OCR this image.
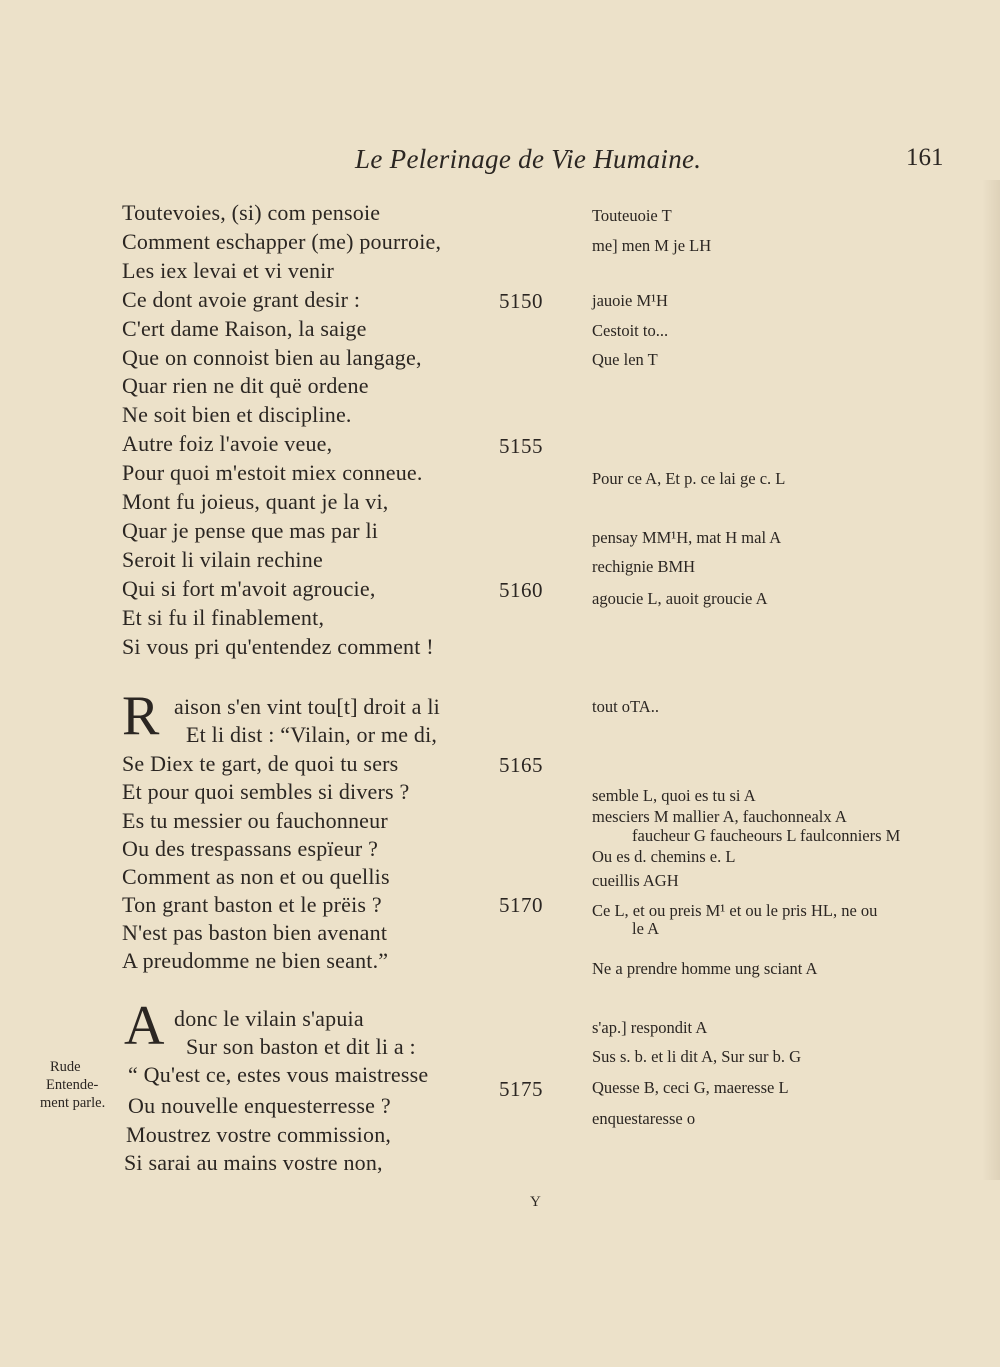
Le Pelerinage de Vie Humaine.	161
Toutevoies, (si) com pensoie
Comment eschapper (me) pourroie,
Les iex levai et vi venir
Ce dont avoie grant desir :
C'ert dame Raison, la saige
Que on connoist bien au langage,
Quar rien ne dit quë ordene
Ne soit bien et discipline.
Autre foiz l'avoie veue,
Pour quoi m'estoit miex conneue.
Mont fu joieus, quant je la vi,
Quar je pense que mas par li
Seroit li vilain rechine
Qui si fort m'avoit agroucie,
Et si fu il finablement,
Si vous pri qu'entendez comment !
R aison s'en vint tou[t] droit a li
Et li dist : “Vilain, or me di,
Se Diex te gart, de quoi tu sers
Et pour quoi sembles si divers ?
Es tu messier ou fauchonneur
Ou des trespassans espïeur ?
Comment as non et ou quellis
Ton grant baston et le prëis ?
N'est pas baston bien avenant
A preudomme ne bien seant.”
A donc le vilain s'apuia
Sur son baston et dit li a :
“ Qu'est ce, estes vous maistresse
Ou nouvelle enquesterresse ?
Moustrez vostre commission,
Si sarai au mains vostre non,
5150
5155
5160
5165
5170
5175
Touteuoie T
me] men M je LH
jauoie M¹H
Cestoit to...
Que len T
Pour ce A, Et p. ce lai ge c. L
pensay MM¹H, mat H mal A
rechignie BMH
agoucie L, auoit groucie A
tout oTA..
semble L, quoi es tu si A
mesciers M mallier A, fauchonnealx A
faucheur G faucheours L faulconniers M
Ou es d. chemins e. L
cueillis AGH
Ce L, et ou preis M¹ et ou le pris HL, ne ou
le A
Ne a prendre homme ung sciant A
s'ap.] respondit A
Sus s. b. et li dit A, Sur sur b. G
Quesse B, ceci G, maeresse L
enquestaresse o
Rude
Entende-
ment parle.
Y
